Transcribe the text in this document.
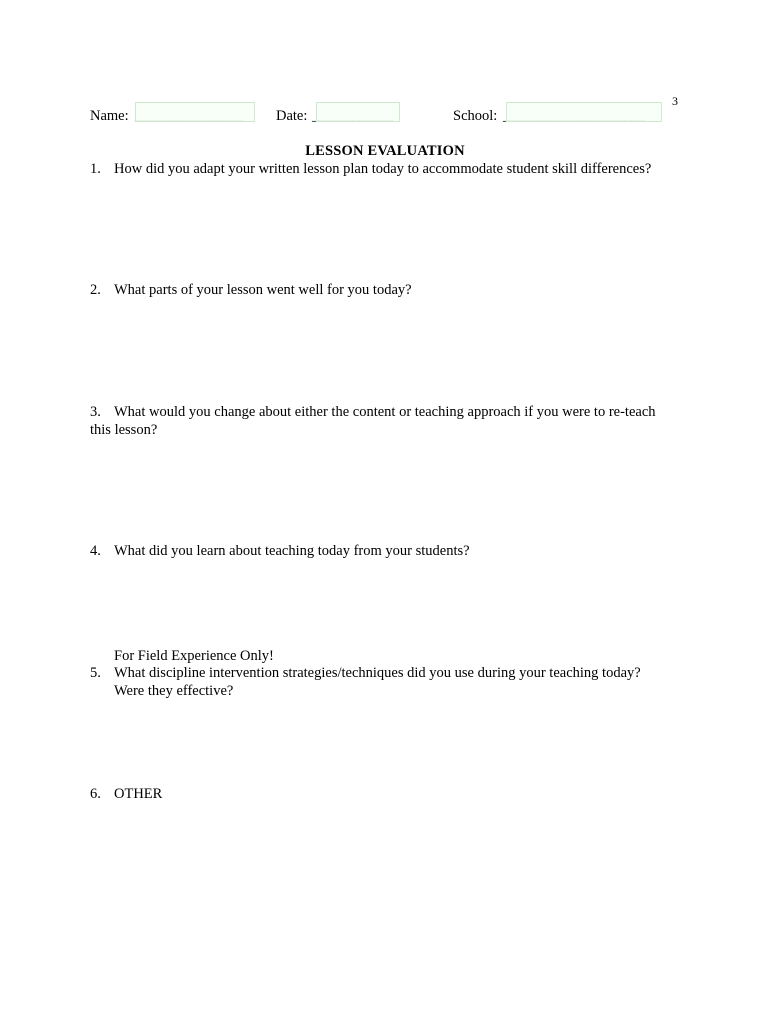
3
Name: ________________ Date: ____________	School: _____________________
LESSON EVALUATION
1. How did you adapt your written lesson plan today to accommodate student skill differences?
2. What parts of your lesson went well for you today?
3. What would you change about either the content or teaching approach if you were to re-teach
this lesson?
4. What did you learn about teaching today from your students?
For Field Experience Only!
5. What discipline intervention strategies/techniques did you use during your teaching today?
Were they effective?
6. OTHER
